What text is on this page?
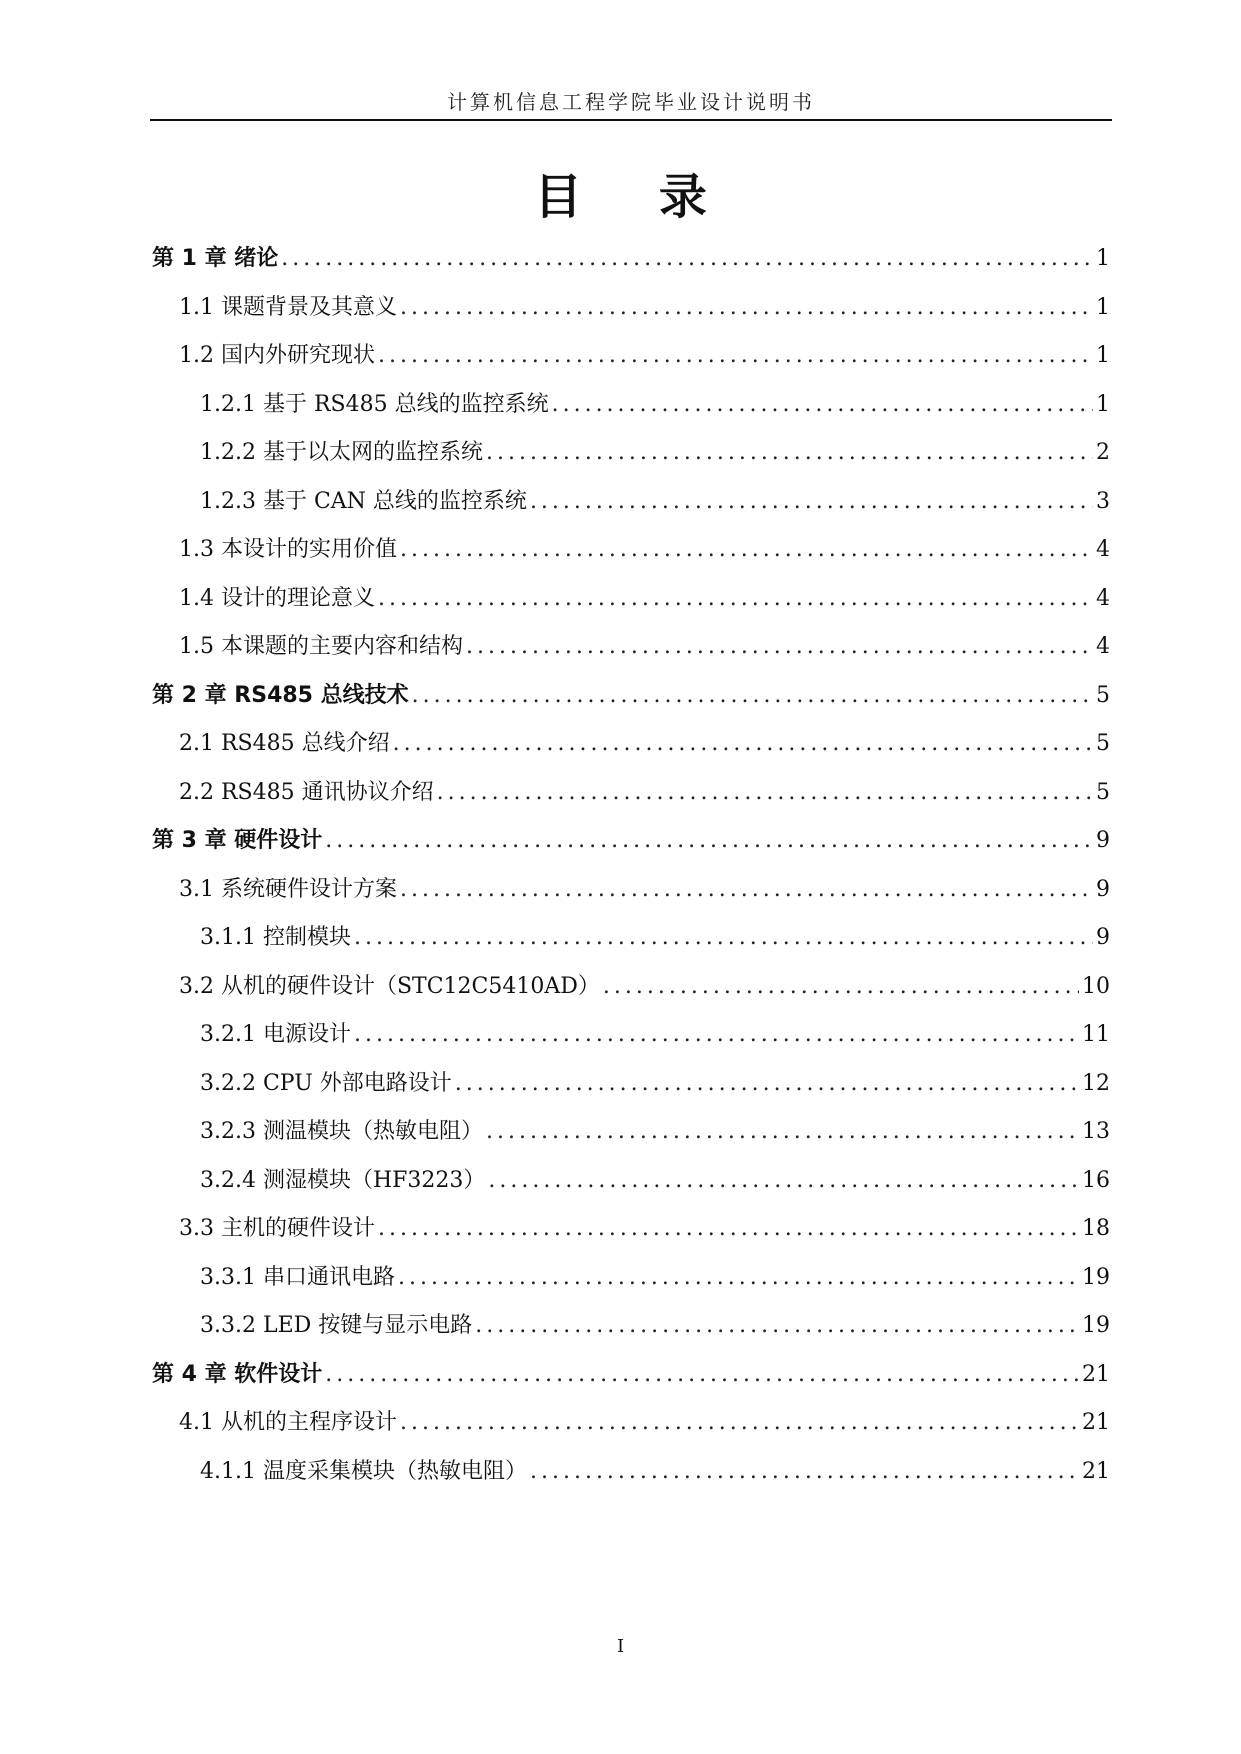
计算机信息工程学院毕业设计说明书
目 录
第 1 章 绪论 .....	1
1.1 课题背景及其意义 .....	1
1.2 国内外研究现状 .....	1
1.2.1 基于 RS485 总线的监控系统 .....	1
1.2.2 基于以太网的监控系统 .....	2
1.2.3 基于 CAN 总线的监控系统 .....	3
1.3 本设计的实用价值 .....	4
1.4 设计的理论意义 .....	4
1.5 本课题的主要内容和结构 .....	4
第 2 章 RS485 总线技术 .....	5
2.1 RS485 总线介绍 .....	5
2.2 RS485 通讯协议介绍 .....	5
第 3 章 硬件设计 .....	9
3.1 系统硬件设计方案 .....	9
3.1.1 控制模块 .....	9
3.2 从机的硬件设计（STC12C5410AD） .....	10
3.2.1 电源设计 .....	11
3.2.2 CPU 外部电路设计 .....	12
3.2.3 测温模块（热敏电阻） .....	13
3.2.4 测湿模块（HF3223） .....	16
3.3 主机的硬件设计 .....	18
3.3.1 串口通讯电路 .....	19
3.3.2 LED 按键与显示电路 .....	19
第 4 章 软件设计 .....	21
4.1 从机的主程序设计 .....	21
4.1.1 温度采集模块（热敏电阻） .....	21
I
